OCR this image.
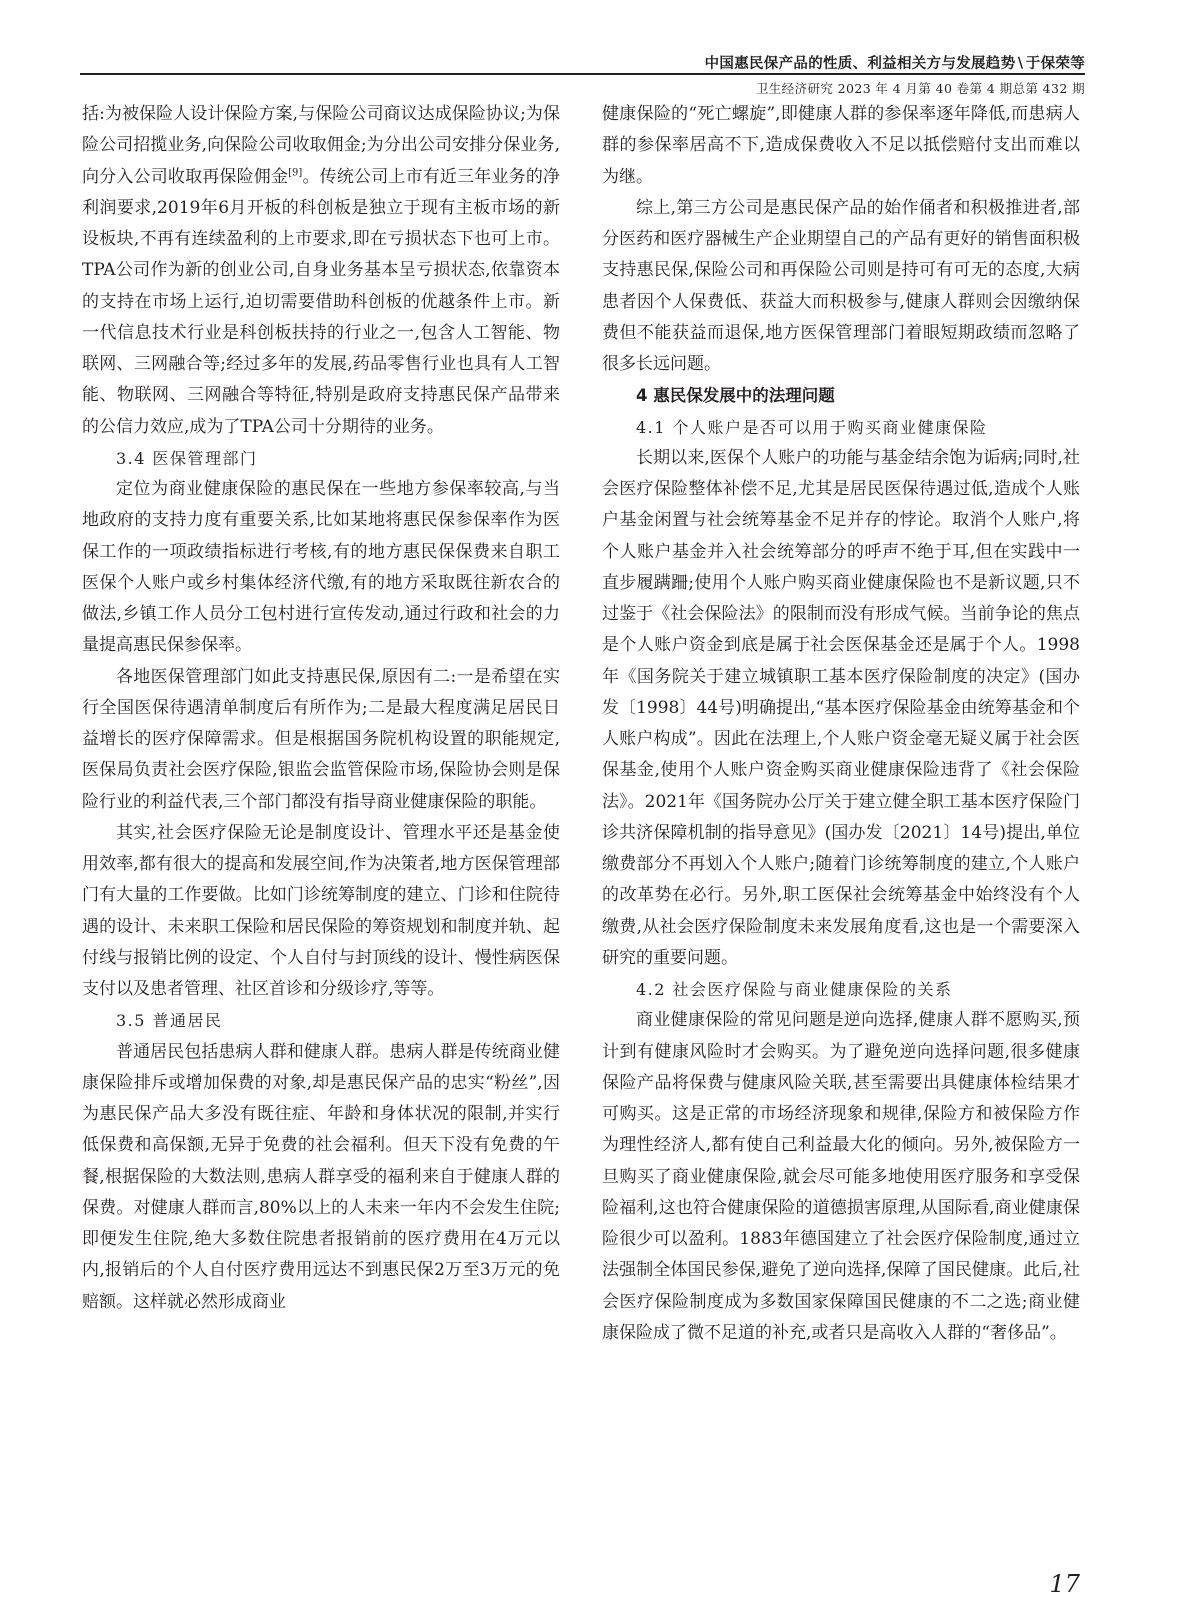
中国惠民保产品的性质、利益相关方与发展趋势∖于保荣等
卫生经济研究 2023 年 4 月第 40 卷第 4 期总第 432 期

括:为被保险人设计保险方案,与保险公司商议达成保险协议;为保险公司招揽业务,向保险公司收取佣金;为分出公司安排分保业务,向分入公司收取再保险佣金[9]。传统公司上市有近三年业务的净利润要求,2019年6月开板的科创板是独立于现有主板市场的新设板块,不再有连续盈利的上市要求,即在亏损状态下也可上市。TPA公司作为新的创业公司,自身业务基本呈亏损状态,依靠资本的支持在市场上运行,迫切需要借助科创板的优越条件上市。新一代信息技术行业是科创板扶持的行业之一,包含人工智能、物联网、三网融合等;经过多年的发展,药品零售行业也具有人工智能、物联网、三网融合等特征,特别是政府支持惠民保产品带来的公信力效应,成为了TPA公司十分期待的业务。

3.4 医保管理部门

定位为商业健康保险的惠民保在一些地方参保率较高,与当地政府的支持力度有重要关系,比如某地将惠民保参保率作为医保工作的一项政绩指标进行考核,有的地方惠民保保费来自职工医保个人账户或乡村集体经济代缴,有的地方采取既往新农合的做法,乡镇工作人员分工包村进行宣传发动,通过行政和社会的力量提高惠民保参保率。

各地医保管理部门如此支持惠民保,原因有二:一是希望在实行全国医保待遇清单制度后有所作为;二是最大程度满足居民日益增长的医疗保障需求。但是根据国务院机构设置的职能规定,医保局负责社会医疗保险,银监会监管保险市场,保险协会则是保险行业的利益代表,三个部门都没有指导商业健康保险的职能。

其实,社会医疗保险无论是制度设计、管理水平还是基金使用效率,都有很大的提高和发展空间,作为决策者,地方医保管理部门有大量的工作要做。比如门诊统筹制度的建立、门诊和住院待遇的设计、未来职工保险和居民保险的筹资规划和制度并轨、起付线与报销比例的设定、个人自付与封顶线的设计、慢性病医保支付以及患者管理、社区首诊和分级诊疗,等等。

3.5 普通居民

普通居民包括患病人群和健康人群。患病人群是传统商业健康保险排斥或增加保费的对象,却是惠民保产品的忠实“粉丝”,因为惠民保产品大多没有既往症、年龄和身体状况的限制,并实行低保费和高保额,无异于免费的社会福利。但天下没有免费的午餐,根据保险的大数法则,患病人群享受的福利来自于健康人群的保费。对健康人群而言,80%以上的人未来一年内不会发生住院;即便发生住院,绝大多数住院患者报销前的医疗费用在4万元以内,报销后的个人自付医疗费用远达不到惠民保2万至3万元的免赔额。这样就必然形成商业

健康保险的“死亡螺旋”,即健康人群的参保率逐年降低,而患病人群的参保率居高不下,造成保费收入不足以抵偿赔付支出而难以为继。

综上,第三方公司是惠民保产品的始作俑者和积极推进者,部分医药和医疗器械生产企业期望自己的产品有更好的销售面积极支持惠民保,保险公司和再保险公司则是持可有可无的态度,大病患者因个人保费低、获益大而积极参与,健康人群则会因缴纳保费但不能获益而退保,地方医保管理部门着眼短期政绩而忽略了很多长远问题。

4 惠民保发展中的法理问题
4.1 个人账户是否可以用于购买商业健康保险

长期以来,医保个人账户的功能与基金结余饱为诟病;同时,社会医疗保险整体补偿不足,尤其是居民医保待遇过低,造成个人账户基金闲置与社会统筹基金不足并存的悖论。取消个人账户,将个人账户基金并入社会统筹部分的呼声不绝于耳,但在实践中一直步履蹒跚;使用个人账户购买商业健康保险也不是新议题,只不过鉴于《社会保险法》的限制而没有形成气候。当前争论的焦点是个人账户资金到底是属于社会医保基金还是属于个人。1998年《国务院关于建立城镇职工基本医疗保险制度的决定》(国办发〔1998〕44号)明确提出,“基本医疗保险基金由统筹基金和个人账户构成”。因此在法理上,个人账户资金毫无疑义属于社会医保基金,使用个人账户资金购买商业健康保险违背了《社会保险法》。2021年《国务院办公厅关于建立健全职工基本医疗保险门诊共济保障机制的指导意见》(国办发〔2021〕14号)提出,单位缴费部分不再划入个人账户;随着门诊统筹制度的建立,个人账户的改革势在必行。另外,职工医保社会统筹基金中始终没有个人缴费,从社会医疗保险制度未来发展角度看,这也是一个需要深入研究的重要问题。

4.2 社会医疗保险与商业健康保险的关系

商业健康保险的常见问题是逆向选择,健康人群不愿购买,预计到有健康风险时才会购买。为了避免逆向选择问题,很多健康保险产品将保费与健康风险关联,甚至需要出具健康体检结果才可购买。这是正常的市场经济现象和规律,保险方和被保险方作为理性经济人,都有使自己利益最大化的倾向。另外,被保险方一旦购买了商业健康保险,就会尽可能多地使用医疗服务和享受保险福利,这也符合健康保险的道德损害原理,从国际看,商业健康保险很少可以盈利。1883年德国建立了社会医疗保险制度,通过立法强制全体国民参保,避免了逆向选择,保障了国民健康。此后,社会医疗保险制度成为多数国家保障国民健康的不二之选;商业健康保险成了微不足道的补充,或者只是高收入人群的“奢侈品”。

17
